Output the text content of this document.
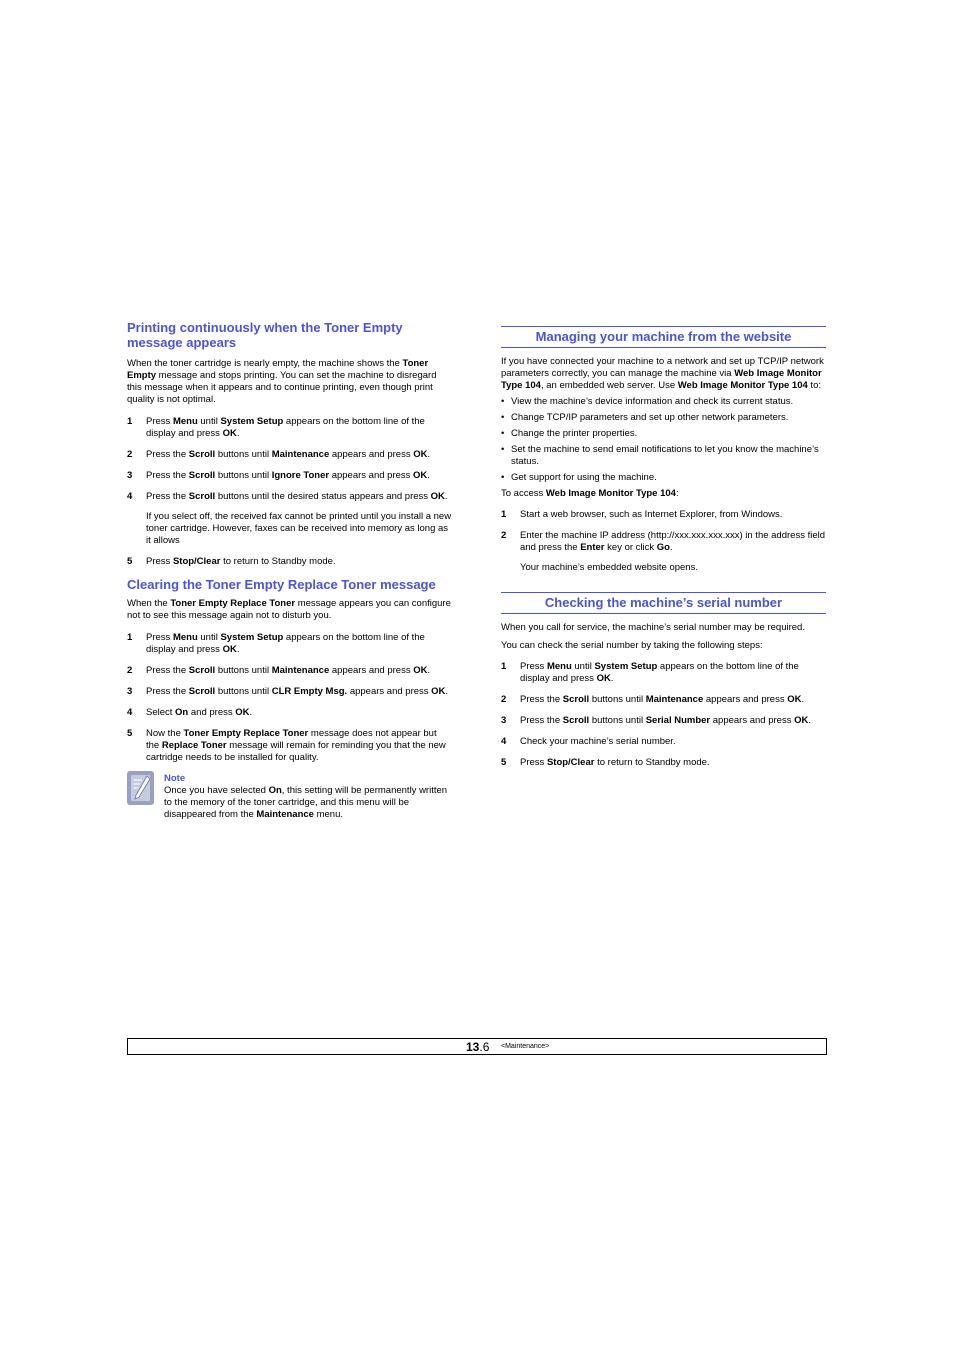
Printing continuously when the Toner Empty message appears

When the toner cartridge is nearly empty, the machine shows the Toner Empty message and stops printing. You can set the machine to disregard this message when it appears and to continue printing, even though print quality is not optimal.

1	Press Menu until System Setup appears on the bottom line of the display and press OK.
2	Press the Scroll buttons until Maintenance appears and press OK.
3	Press the Scroll buttons until Ignore Toner appears and press OK.
4	Press the Scroll buttons until the desired status appears and press OK.
If you select off, the received fax cannot be printed until you install a new toner cartridge. However, faxes can be received into memory as long as it allows
5	Press Stop/Clear to return to Standby mode.
Clearing the Toner Empty Replace Toner message

When the Toner Empty Replace Toner message appears you can configure not to see this message again not to disturb you.

1	Press Menu until System Setup appears on the bottom line of the display and press OK.
2	Press the Scroll buttons until Maintenance appears and press OK.
3	Press the Scroll buttons until CLR Empty Msg. appears and press OK.
4	Select On and press OK.
5	Now the Toner Empty Replace Toner message does not appear but the Replace Toner message will remain for reminding you that the new cartridge needs to be installed for quality.
Note

Once you have selected On, this setting will be permanently written to the memory of the toner cartridge, and this menu will be disappeared from the Maintenance menu.

Managing your machine from the website

If you have connected your machine to a network and set up TCP/IP network parameters correctly, you can manage the machine via Web Image Monitor Type 104, an embedded web server. Use Web Image Monitor Type 104 to:

• View the machine’s device information and check its current status.
• Change TCP/IP parameters and set up other network parameters.
• Change the printer properties.
• Set the machine to send email notifications to let you know the machine’s status.
• Get support for using the machine.

To access Web Image Monitor Type 104:

1	Start a web browser, such as Internet Explorer, from Windows.
2	Enter the machine IP address (http://xxx.xxx.xxx.xxx) in the address field and press the Enter key or click Go.
Your machine’s embedded website opens.
Checking the machine’s serial number

When you call for service, the machine’s serial number may be required.

You can check the serial number by taking the following steps:

1	Press Menu until System Setup appears on the bottom line of the display and press OK.
2	Press the Scroll buttons until Maintenance appears and press OK.
3	Press the Scroll buttons until Serial Number appears and press OK.
4	Check your machine’s serial number.
5	Press Stop/Clear to return to Standby mode.
13.6 <Maintenance>
